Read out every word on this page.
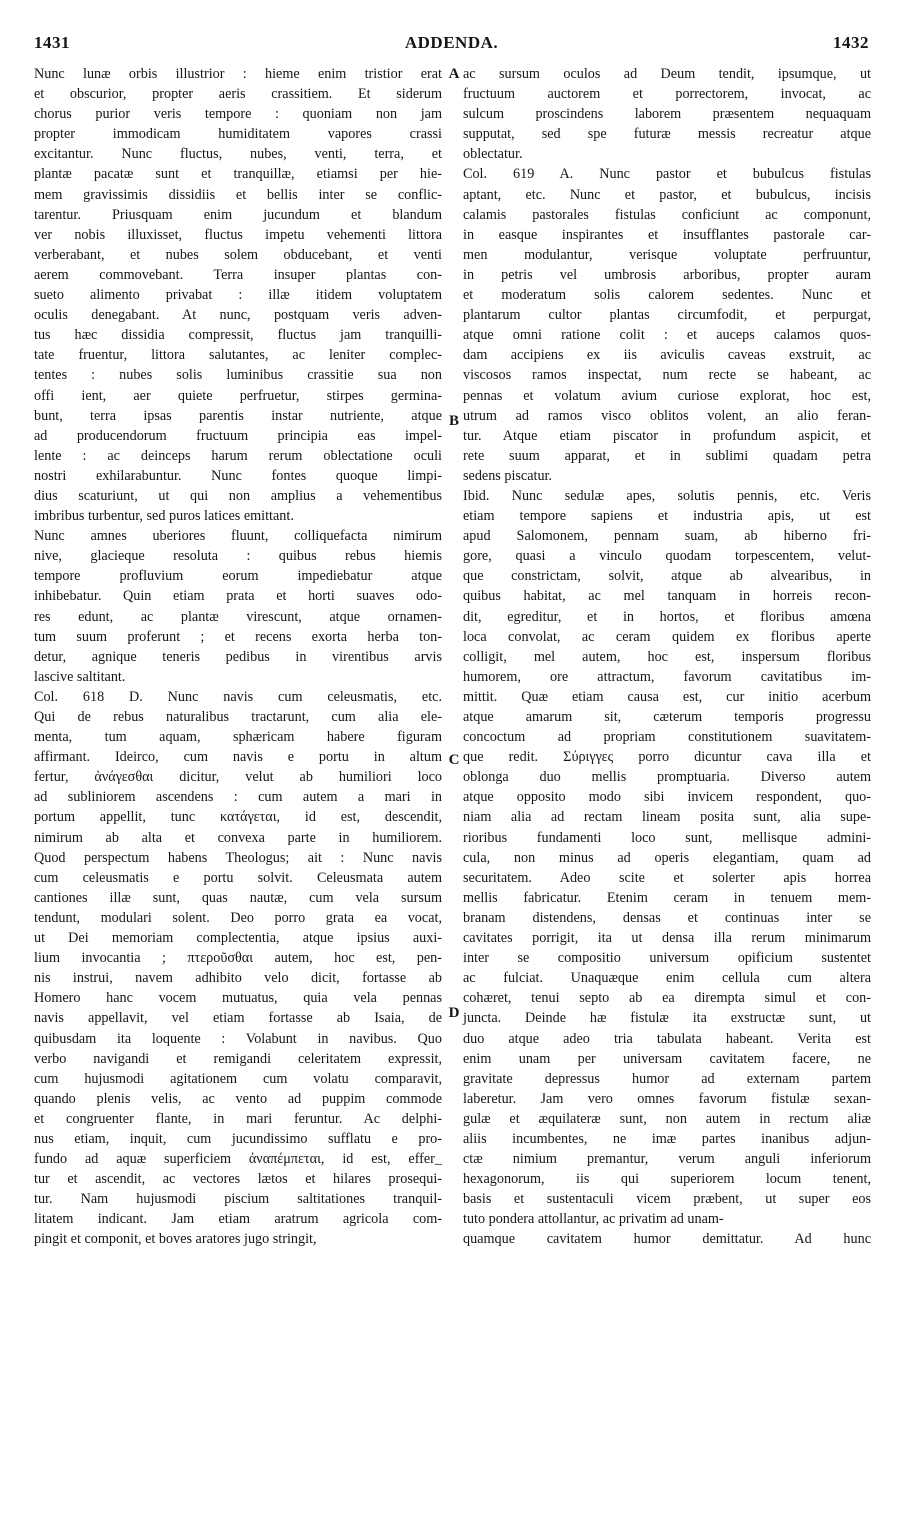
1431	ADDENDA.	1432

Nunc lunæ orbis illustrior : hieme enim tristior erat

et obscurior, propter aeris crassitiem. Et siderum

chorus purior veris tempore : quoniam non jam

propter immodicam humiditatem vapores crassi

excitantur. Nunc fluctus, nubes, venti, terra, et

plantæ pacatæ sunt et tranquillæ, etiamsi per hie-

mem gravissimis dissidiis et bellis inter se conflic-

tarentur. Priusquam enim jucundum et blandum

ver nobis illuxisset, fluctus impetu vehementi littora

verberabant, et nubes solem obducebant, et venti

aerem commovebant. Terra insuper plantas con-

sueto alimento privabat : illæ itidem voluptatem

oculis denegabant. At nunc, postquam veris adven-

tus hæc dissidia compressit, fluctus jam tranquilli-

tate fruentur, littora salutantes, ac leniter complec-

tentes : nubes solis luminibus crassitie sua non

offi ient, aer quiete perfruetur, stirpes germina-

bunt, terra ipsas parentis instar nutriente, atque

ad producendorum fructuum principia eas impel-

lente : ac deinceps harum rerum oblectatione oculi

nostri exhilarabuntur. Nunc fontes quoque limpi-

dius scaturiunt, ut qui non amplius a vehementibus

imbribus turbentur, sed puros latices emittant.

Nunc amnes uberiores fluunt, colliquefacta nimirum

nive, glacieque resoluta : quibus rebus hiemis

tempore profluvium eorum impediebatur atque

inhibebatur. Quin etiam prata et horti suaves odo-

res edunt, ac plantæ virescunt, atque ornamen-

tum suum proferunt ; et recens exorta herba ton-

detur, agnique teneris pedibus in virentibus arvis

lascive saltitant.

Col. 618 D. Nunc navis cum celeusmatis, etc.

Qui de rebus naturalibus tractarunt, cum alia ele-

menta, tum aquam, sphæricam habere figuram

affirmant. Ideirco, cum navis e portu in altum

fertur, ἀνάγεσθαι dicitur, velut ab humiliori loco

ad subliniorem ascendens : cum autem a mari in

portum appellit, tunc κατάγεται, id est, descendit,

nimirum ab alta et convexa parte in humiliorem.

Quod perspectum habens Theologus; ait : Nunc navis

cum celeusmatis e portu solvit. Celeusmata autem

cantiones illæ sunt, quas nautæ, cum vela sursum

tendunt, modulari solent. Deo porro grata ea vocat,

ut Dei memoriam complectentia, atque ipsius auxi-

lium invocantia ; πτεροῦσθαι autem, hoc est, pen-

nis instrui, navem adhibito velo dicit, fortasse ab

Homero hanc vocem mutuatus, quia vela pennas

navis appellavit, vel etiam fortasse ab Isaia, de

quibusdam ita loquente : Volabunt in navibus. Quo

verbo navigandi et remigandi celeritatem expressit,

cum hujusmodi agitationem cum volatu comparavit,

quando plenis velis, ac vento ad puppim commode

et congruenter flante, in mari feruntur. Ac delphi-

nus etiam, inquit, cum jucundissimo sufflatu e pro-

fundo ad aquæ superficiem ἀναπέμπεται, id est, effer_

tur et ascendit, ac vectores lætos et hilares prosequi-

tur. Nam hujusmodi piscium saltitationes tranquil-

litatem indicant. Jam etiam aratrum agricola com-

pingit et componit, et boves aratores jugo stringit,

ac sursum oculos ad Deum tendit, ipsumque, ut

fructuum auctorem et porrectorem, invocat, ac

sulcum proscindens laborem præsentem nequaquam

supputat, sed spe futuræ messis recreatur atque

oblectatur.

Col. 619 A. Nunc pastor et bubulcus fistulas

aptant, etc. Nunc et pastor, et bubulcus, incisis

calamis pastorales fistulas conficiunt ac componunt,

in easque inspirantes et insufflantes pastorale car-

men modulantur, verisque voluptate perfruuntur,

in petris vel umbrosis arboribus, propter auram

et moderatum solis calorem sedentes. Nunc et

plantarum cultor plantas circumfodit, et perpurgat,

atque omni ratione colit : et auceps calamos quos-

dam accipiens ex iis aviculis caveas exstruit, ac

viscosos ramos inspectat, num recte se habeant, ac

pennas et volatum avium curiose explorat, hoc est,

utrum ad ramos visco oblitos volent, an alio feran-

tur. Atque etiam piscator in profundum aspicit, et

rete suum apparat, et in sublimi quadam petra

sedens piscatur.

Ibid. Nunc sedulæ apes, solutis pennis, etc. Veris

etiam tempore sapiens et industria apis, ut est

apud Salomonem, pennam suam, ab hiberno fri-

gore, quasi a vinculo quodam torpescentem, velut-

que constrictam, solvit, atque ab alvearibus, in

quibus habitat, ac mel tanquam in horreis recon-

dit, egreditur, et in hortos, et floribus amœna

loca convolat, ac ceram quidem ex floribus aperte

colligit, mel autem, hoc est, inspersum floribus

humorem, ore attractum, favorum cavitatibus im-

mittit. Quæ etiam causa est, cur initio acerbum

atque amarum sit, cæterum temporis progressu

concoctum ad propriam constitutionem suavitatem-

que redit. Σύριγγες porro dicuntur cava illa et

oblonga duo mellis promptuaria. Diverso autem

atque opposito modo sibi invicem respondent, quo-

niam alia ad rectam lineam posita sunt, alia supe-

rioribus fundamenti loco sunt, mellisque admini-

cula, non minus ad operis elegantiam, quam ad

securitatem. Adeo scite et solerter apis horrea

mellis fabricatur. Etenim ceram in tenuem mem-

branam distendens, densas et continuas inter se

cavitates porrigit, ita ut densa illa rerum minimarum

inter se compositio universum opificium sustentet

ac fulciat. Unaquæque enim cellula cum altera

cohæret, tenui septo ab ea dirempta simul et con-

juncta. Deinde hæ fistulæ ita exstructæ sunt, ut

duo atque adeo tria tabulata habeant. Verita est

enim unam per universam cavitatem facere, ne

gravitate depressus humor ad externam partem

laberetur. Jam vero omnes favorum fistulæ sexan-

gulæ et æquilateræ sunt, non autem in rectum aliæ

aliis incumbentes, ne imæ partes inanibus adjun-

ctæ nimium premantur, verum anguli inferiorum

hexagonorum, iis qui superiorem locum tenent,

basis et sustentaculi vicem præbent, ut super eos

tuto pondera attollantur, ac privatim ad unam-

quamque cavitatem humor demittatur. Ad hunc

A
B
C
D
